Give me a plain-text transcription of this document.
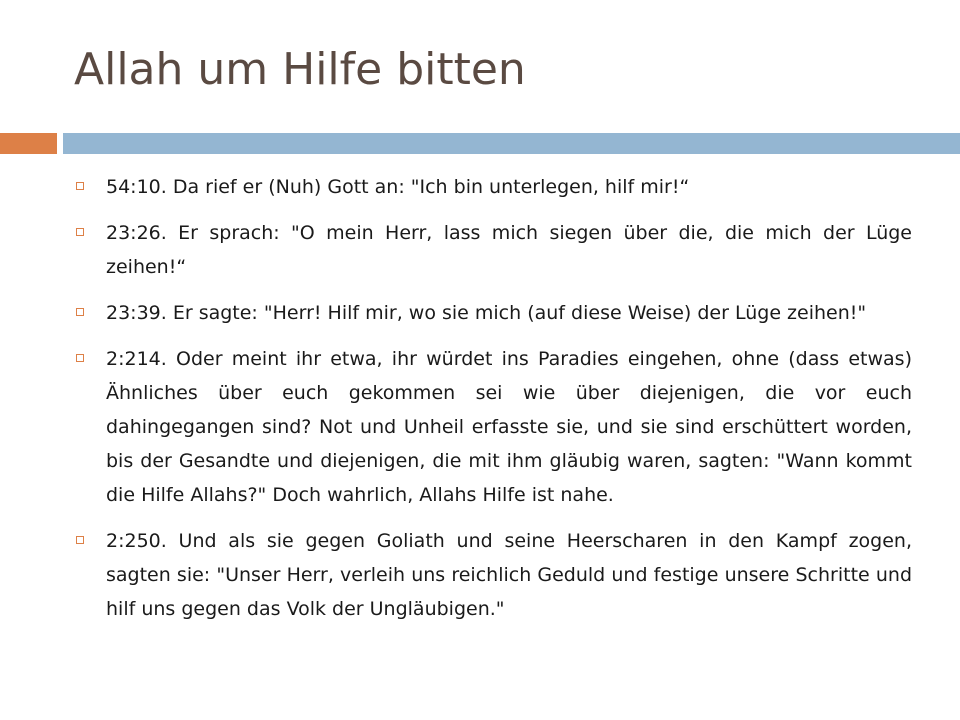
Allah um Hilfe bitten
54:10. Da rief er (Nuh) Gott an: "Ich bin unterlegen, hilf mir!“
23:26. Er sprach: "O mein Herr, lass mich siegen über die, die mich der Lüge zeihen!“
23:39. Er sagte: "Herr! Hilf mir, wo sie mich (auf diese Weise) der Lüge zeihen!"
2:214. Oder meint ihr etwa, ihr würdet ins Paradies eingehen, ohne (dass etwas) Ähnliches über euch gekommen sei wie über diejenigen, die vor euch dahingegangen sind? Not und Unheil erfasste sie, und sie sind erschüttert worden, bis der Gesandte und diejenigen, die mit ihm gläubig waren, sagten: "Wann kommt die Hilfe Allahs?" Doch wahrlich, Allahs Hilfe ist nahe.
2:250. Und als sie gegen Goliath und seine Heerscharen in den Kampf zogen, sagten sie: "Unser Herr, verleih uns reichlich Geduld und festige unsere Schritte und hilf uns gegen das Volk der Ungläubigen."
